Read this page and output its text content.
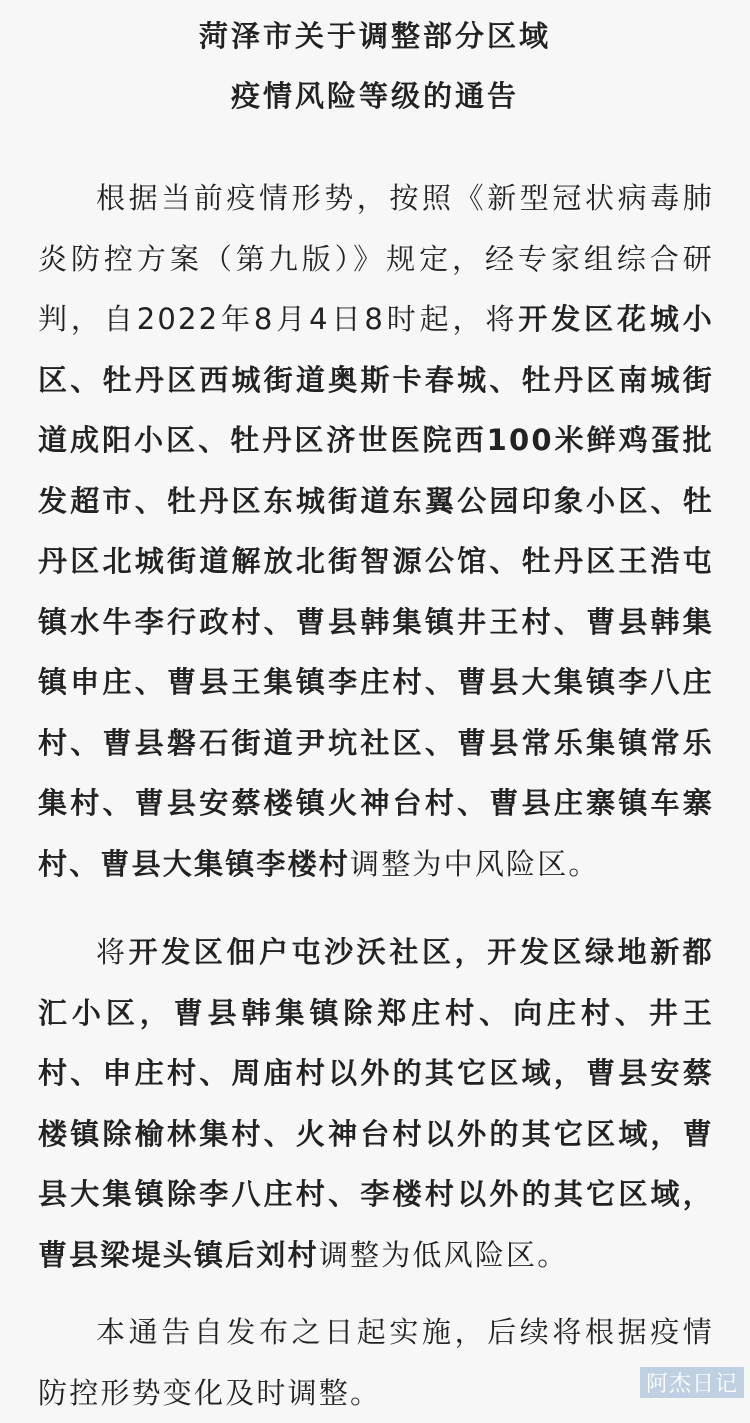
菏泽市关于调整部分区域
疫情风险等级的通告

根据当前疫情形势，按照《新型冠状病毒肺炎防控方案（第九版）》规定，经专家组综合研判，自2022年8月4日8时起，将开发区花城小区、牡丹区西城街道奥斯卡春城、牡丹区南城街道成阳小区、牡丹区济世医院西100米鲜鸡蛋批发超市、牡丹区东城街道东翼公园印象小区、牡丹区北城街道解放北街智源公馆、牡丹区王浩屯镇水牛李行政村、曹县韩集镇井王村、曹县韩集镇申庄、曹县王集镇李庄村、曹县大集镇李八庄村、曹县磐石街道尹坑社区、曹县常乐集镇常乐集村、曹县安蔡楼镇火神台村、曹县庄寨镇车寨村、曹县大集镇李楼村调整为中风险区。

将开发区佃户屯沙沃社区，开发区绿地新都汇小区，曹县韩集镇除郑庄村、向庄村、井王村、申庄村、周庙村以外的其它区域，曹县安蔡楼镇除榆林集村、火神台村以外的其它区域，曹县大集镇除李八庄村、李楼村以外的其它区域，曹县梁堤头镇后刘村调整为低风险区。

本通告自发布之日起实施，后续将根据疫情防控形势变化及时调整。	阿杰日记
